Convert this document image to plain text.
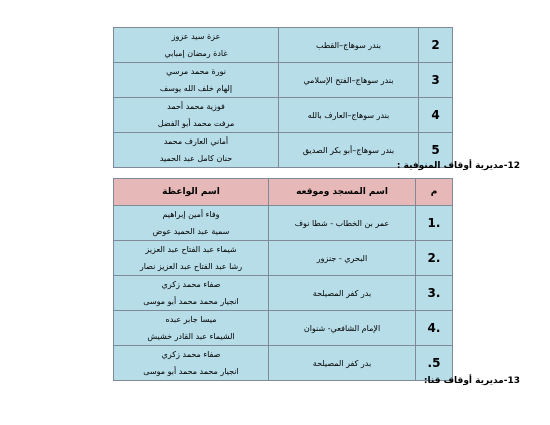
2	بندر سوهاج–القطب	عزة سيد عزوز
غادة رمضان إمبابي

3	بندر سوهاج–الفتح الإسلامي	نورة محمد مرسي
إلهام خلف الله يوسف

4	بندر سوهاج–العارف بالله	فوزية محمد أحمد
مرفت محمد أبو الفضل

5	بندر سوهاج–أبو بكر الصديق	أماني العارف محمد
حنان كامل عبد الحميد
12-مديرية أوقاف المنوفية :
م	اسم المسجد وموقعه	اسم الواعظة
1.	عمر بن الخطاب - شطا نوف	وفاء أمين إبراهيم
سمية عبد الحميد عوض

2.	البحري - جنزور	شيماء عبد الفتاح عبد العزيز
رشا عبد الفتاح عبد العزيز نصار

3.	بدر كفر المصيلحة	صفاء محمد زكري
انجيار محمد محمد أبو موسى

4.	الإمام الشافعي- شنوان	ميسا جابر عبده
الشيماء عبد القادر خشيش

.5	بدر كفر المصيلحة	صفاء محمد زكري
انجيار محمد محمد أبو موسى
13-مديرية أوقاف قنا:
